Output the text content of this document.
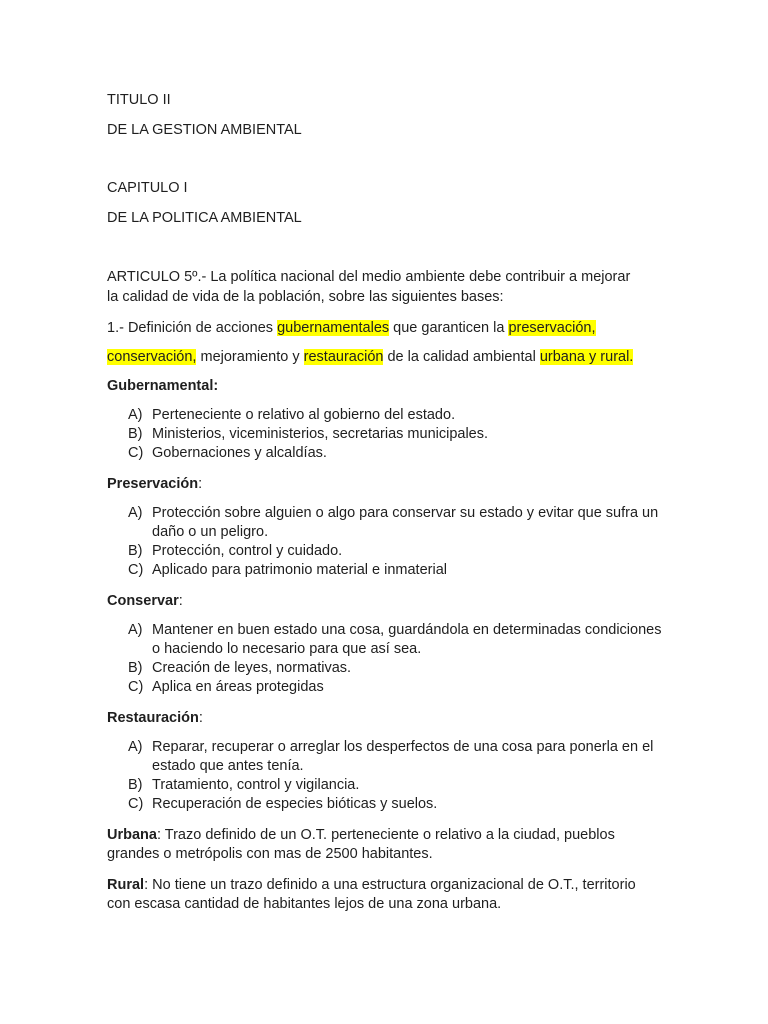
TITULO II
DE LA GESTION AMBIENTAL
CAPITULO I
DE LA POLITICA AMBIENTAL
ARTICULO 5º.- La política nacional del medio ambiente debe contribuir a mejorar
la calidad de vida de la población, sobre las siguientes bases:
1.- Definición de acciones gubernamentales que garanticen la preservación,
conservación, mejoramiento y restauración de la calidad ambiental urbana y rural.
Gubernamental:
A) Perteneciente o relativo al gobierno del estado.
B) Ministerios, viceministerios, secretarias municipales.
C) Gobernaciones y alcaldías.
Preservación:
A) Protección sobre alguien o algo para conservar su estado y evitar que sufra un daño o un peligro.
B) Protección, control y cuidado.
C) Aplicado para patrimonio material e inmaterial
Conservar:
A) Mantener en buen estado una cosa, guardándola en determinadas condiciones o haciendo lo necesario para que así sea.
B) Creación de leyes, normativas.
C) Aplica en áreas protegidas
Restauración:
A) Reparar, recuperar o arreglar los desperfectos de una cosa para ponerla en el estado que antes tenía.
B) Tratamiento, control y vigilancia.
C) Recuperación de especies bióticas y suelos.
Urbana: Trazo definido de un O.T. perteneciente o relativo a la ciudad, pueblos grandes o metrópolis con mas de 2500 habitantes.
Rural: No tiene un trazo definido a una estructura organizacional de O.T., territorio con escasa cantidad de habitantes lejos de una zona urbana.
